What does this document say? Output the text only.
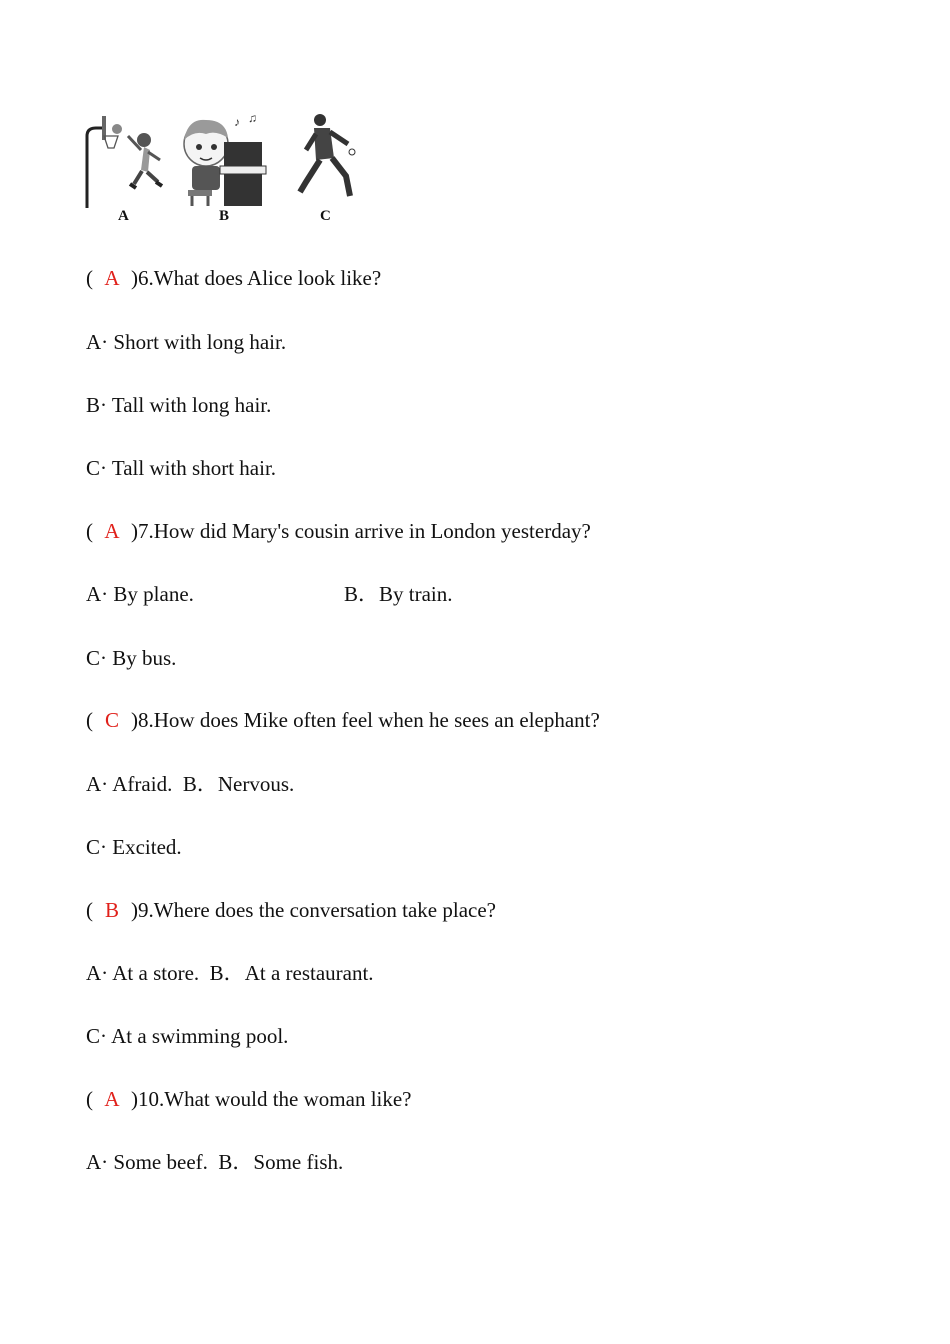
♪ ♫
A	B	C
( A )6.What does Alice look like?
A· Short with long hair.
B· Tall with long hair.
C· Tall with short hair.
( A )7.How did Mary's cousin arrive in London yesterday?
A· By plane.	B．By train.
C· By bus.
( C )8.How does Mike often feel when he sees an elephant?
A· Afraid. B．Nervous.
C· Excited.
( B )9.Where does the conversation take place?
A· At a store. B．At a restaurant.
C· At a swimming pool.
( A )10.What would the woman like?
A· Some beef. B．Some fish.
